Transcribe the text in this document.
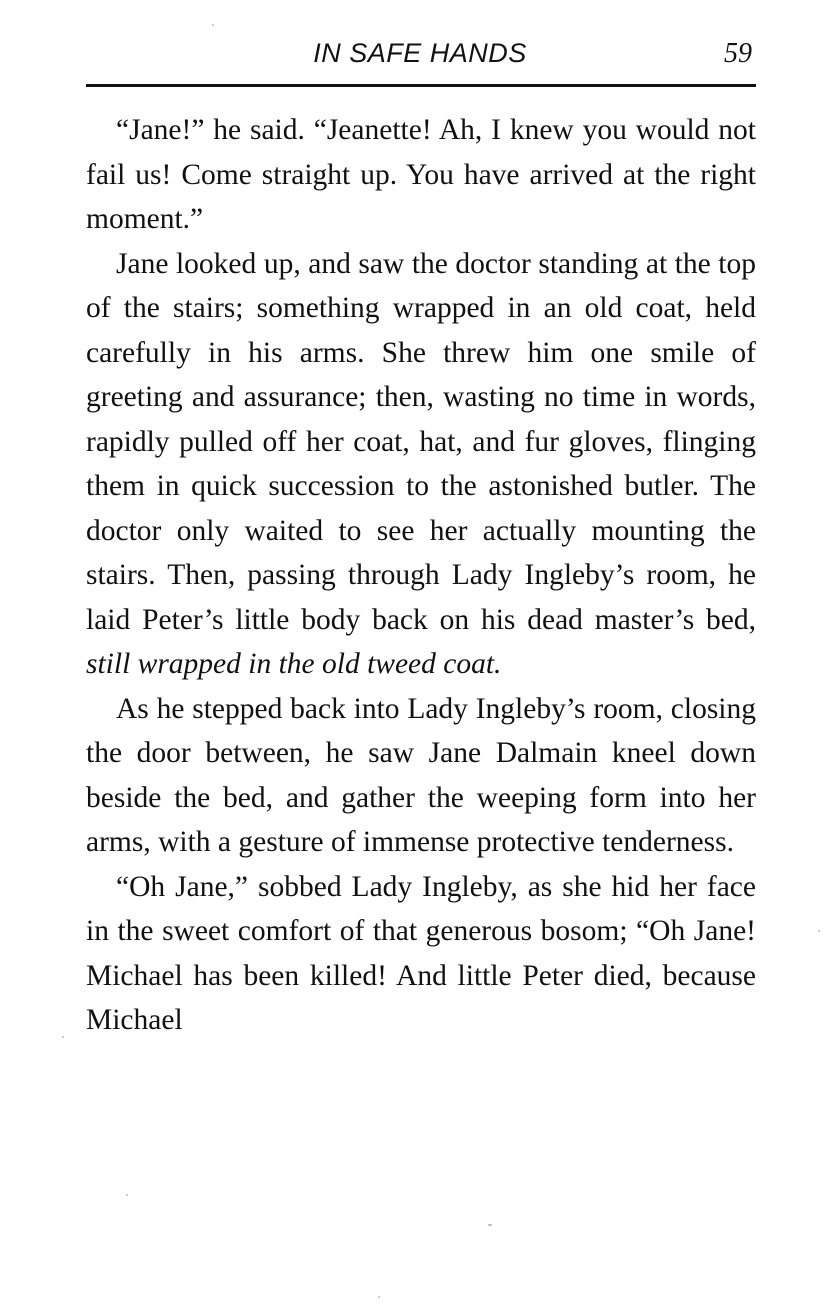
IN SAFE HANDS	59

“Jane!” he said. “Jeanette! Ah, I knew you would not fail us! Come straight up. You have arrived at the right moment.”

Jane looked up, and saw the doctor standing at the top of the stairs; something wrapped in an old coat, held carefully in his arms. She threw him one smile of greeting and assurance; then, wasting no time in words, rapidly pulled off her coat, hat, and fur gloves, flinging them in quick succession to the astonished butler. The doctor only waited to see her actually mounting the stairs. Then, passing through Lady Ingleby’s room, he laid Peter’s little body back on his dead master’s bed, still wrapped in the old tweed coat.

As he stepped back into Lady Ingleby’s room, closing the door between, he saw Jane Dalmain kneel down beside the bed, and gather the weeping form into her arms, with a gesture of immense protective tenderness.

“Oh Jane,” sobbed Lady Ingleby, as she hid her face in the sweet comfort of that generous bosom; “Oh Jane! Michael has been killed! And little Peter died, because Michael
